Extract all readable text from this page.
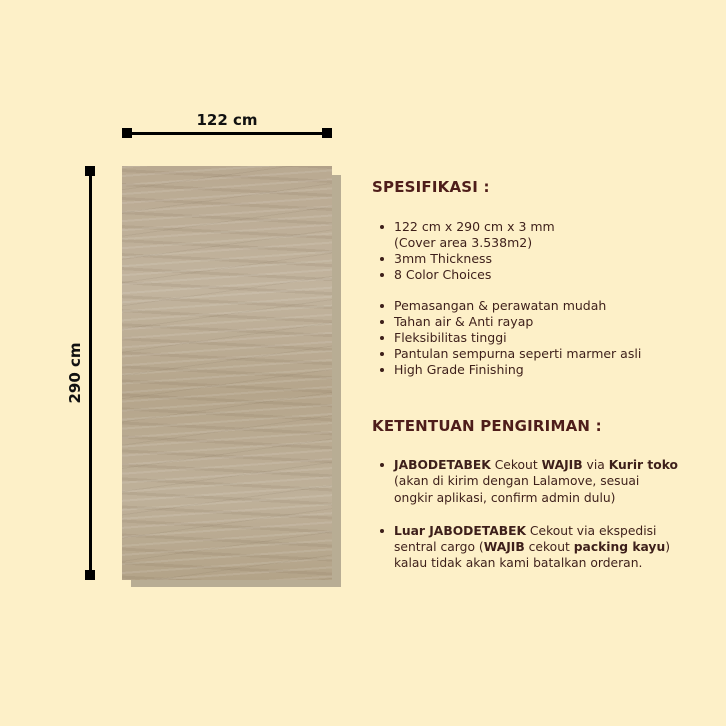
122 cm
290 cm
SPESIFIKASI :
122 cm x 290 cm x 3 mm
(Cover area 3.538m2)
3mm Thickness
8 Color Choices
Pemasangan & perawatan mudah
Tahan air & Anti rayap
Fleksibilitas tinggi
Pantulan sempurna seperti marmer asli
High Grade Finishing
KETENTUAN PENGIRIMAN :
JABODETABEK Cekout WAJIB via Kurir toko (akan di kirim dengan Lalamove, sesuai ongkir aplikasi, confirm admin dulu)
Luar JABODETABEK Cekout via ekspedisi sentral cargo (WAJIB cekout packing kayu) kalau tidak akan kami batalkan orderan.
